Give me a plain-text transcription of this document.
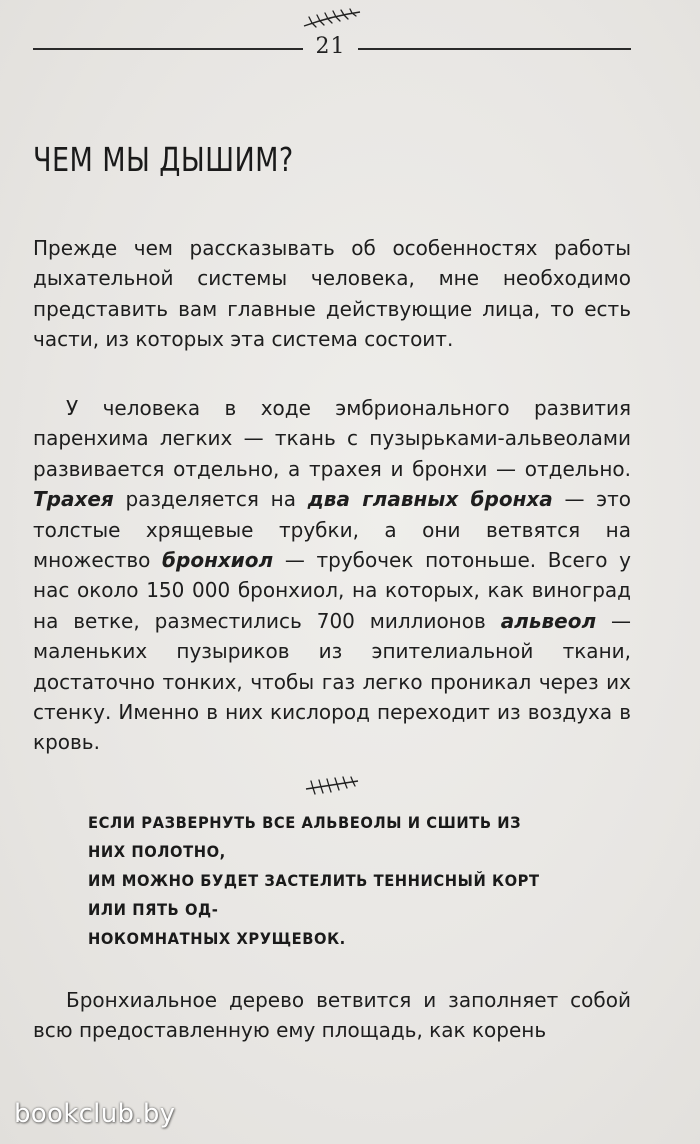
21
ЧЕМ МЫ ДЫШИМ?

Прежде чем рассказывать об особенностях работы дыхательной системы человека, мне необходимо представить вам главные действующие лица, то есть части, из которых эта система состоит.

У человека в ходе эмбрионального развития паренхима легких — ткань с пузырьками-альвеолами развивается отдельно, а трахея и бронхи — отдельно. Трахея разделяется на два главных бронха — это толстые хрящевые трубки, а они ветвятся на множество бронхиол — трубочек потоньше. Всего у нас около 150 000 бронхиол, на которых, как виноград на ветке, разместились 700 миллионов альвеол — маленьких пузыриков из эпителиальной ткани, достаточно тонких, чтобы газ легко проникал через их стенку. Именно в них кислород переходит из воздуха в кровь.

ЕСЛИ РАЗВЕРНУТЬ ВСЕ АЛЬВЕОЛЫ И СШИТЬ ИЗ НИХ ПОЛОТНО,
ИМ МОЖНО БУДЕТ ЗАСТЕЛИТЬ ТЕННИСНЫЙ КОРТ ИЛИ ПЯТЬ ОД-
НОКОМНАТНЫХ ХРУЩЕВОК.

Бронхиальное дерево ветвится и заполняет собой всю предоставленную ему площадь, как корень

bookclub.by
